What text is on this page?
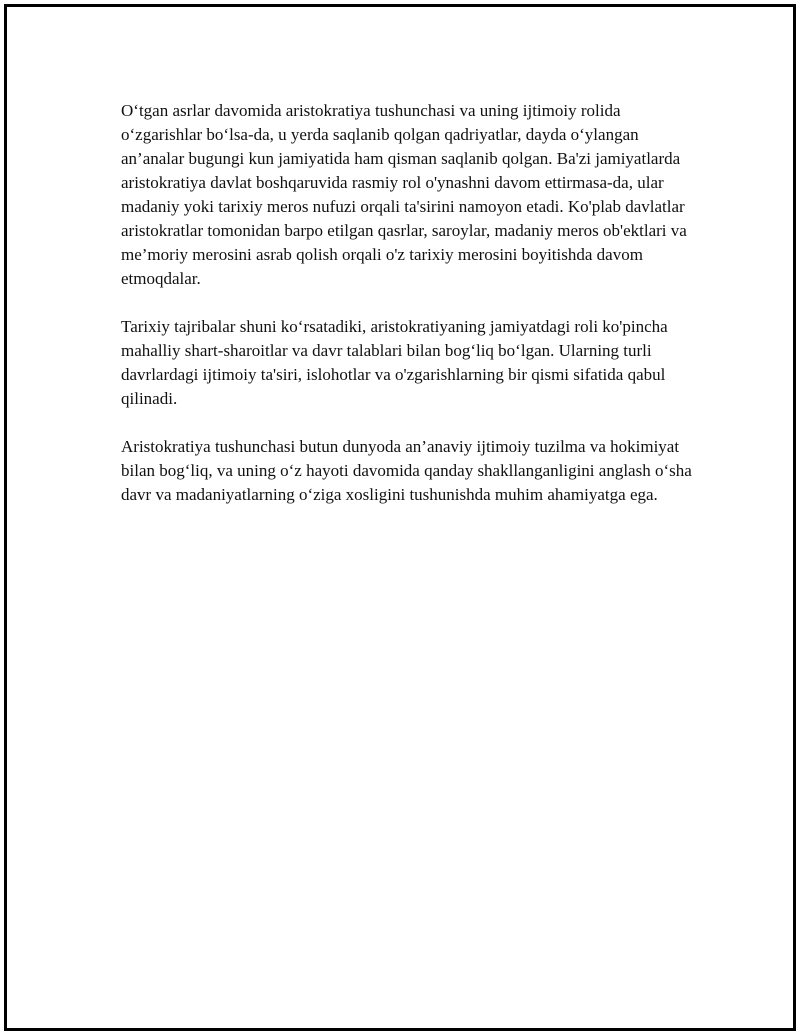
O‘tgan asrlar davomida aristokratiya tushunchasi va uning ijtimoiy rolida o‘zgarishlar bo‘lsa-da, u yerda saqlanib qolgan qadriyatlar, dayda o‘ylangan an’analar bugungi kun jamiyatida ham qisman saqlanib qolgan. Ba'zi jamiyatlarda aristokratiya davlat boshqaruvida rasmiy rol o'ynashni davom ettirmasa-da, ular madaniy yoki tarixiy meros nufuzi orqali ta'sirini namoyon etadi. Ko'plab davlatlar aristokratlar tomonidan barpo etilgan qasrlar, saroylar, madaniy meros ob'ektlari va me’moriy merosini asrab qolish orqali o'z tarixiy merosini boyitishda davom etmoqdalar.

Tarixiy tajribalar shuni ko‘rsatadiki, aristokratiyaning jamiyatdagi roli ko'pincha mahalliy shart-sharoitlar va davr talablari bilan bog‘liq bo‘lgan. Ularning turli davrlardagi ijtimoiy ta'siri, islohotlar va o'zgarishlarning bir qismi sifatida qabul qilinadi.

Aristokratiya tushunchasi butun dunyoda an’anaviy ijtimoiy tuzilma va hokimiyat bilan bog‘liq, va uning o‘z hayoti davomida qanday shakllanganligini anglash o‘sha davr va madaniyatlarning o‘ziga xosligini tushunishda muhim ahamiyatga ega.
